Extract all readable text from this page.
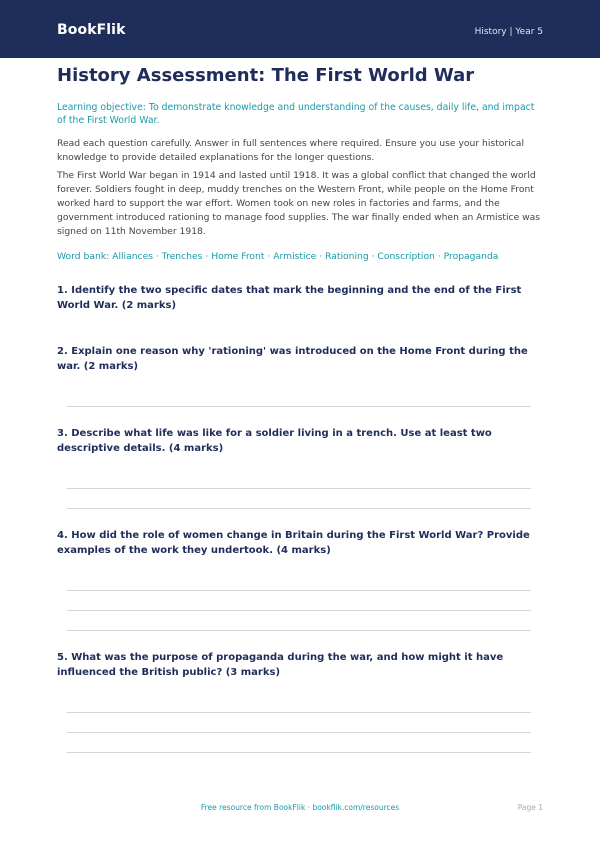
BookFlik	History | Year 5
History Assessment: The First World War
Learning objective: To demonstrate knowledge and understanding of the causes, daily life, and impact of the First World War.
Read each question carefully. Answer in full sentences where required. Ensure you use your historical knowledge to provide detailed explanations for the longer questions.
The First World War began in 1914 and lasted until 1918. It was a global conflict that changed the world forever. Soldiers fought in deep, muddy trenches on the Western Front, while people on the Home Front worked hard to support the war effort. Women took on new roles in factories and farms, and the government introduced rationing to manage food supplies. The war finally ended when an Armistice was signed on 11th November 1918.
Word bank: Alliances · Trenches · Home Front · Armistice · Rationing · Conscription · Propaganda

1. Identify the two specific dates that mark the beginning and the end of the First World War. (2 marks)

2. Explain one reason why 'rationing' was introduced on the Home Front during the war. (2 marks)

3. Describe what life was like for a soldier living in a trench. Use at least two descriptive details. (4 marks)

4. How did the role of women change in Britain during the First World War? Provide examples of the work they undertook. (4 marks)

5. What was the purpose of propaganda during the war, and how might it have influenced the British public? (3 marks)

Free resource from BookFlik · bookflik.com/resources	Page 1
